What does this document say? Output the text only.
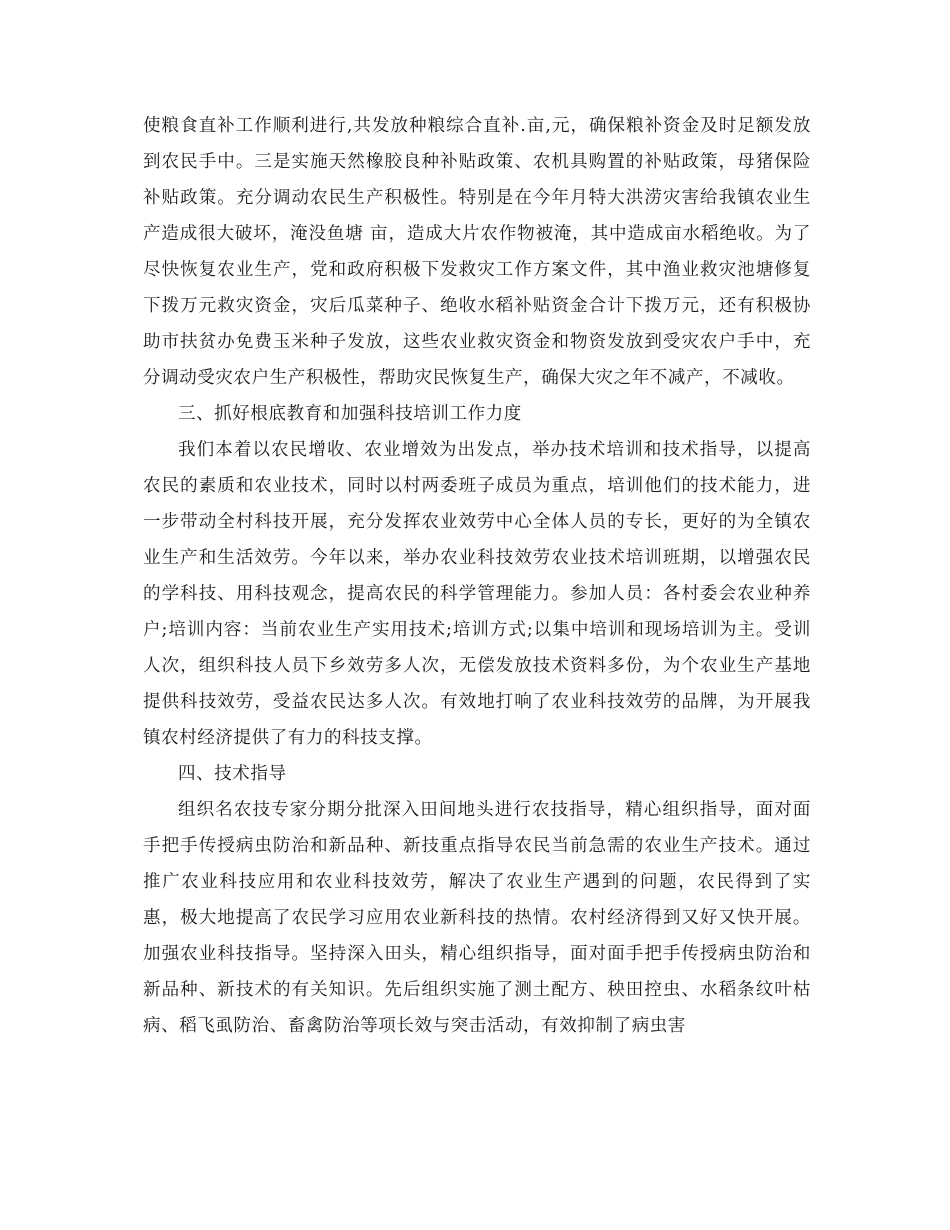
使粮食直补工作顺利进行,共发放种粮综合直补.亩,元，确保粮补资金及时足额发放到农民手中。三是实施天然橡胶良种补贴政策、农机具购置的补贴政策，母猪保险补贴政策。充分调动农民生产积极性。特别是在今年月特大洪涝灾害给我镇农业生产造成很大破坏，淹没鱼塘 亩，造成大片农作物被淹，其中造成亩水稻绝收。为了尽快恢复农业生产，党和政府积极下发救灾工作方案文件，其中渔业救灾池塘修复下拨万元救灾资金，灾后瓜菜种子、绝收水稻补贴资金合计下拨万元，还有积极协助市扶贫办免费玉米种子发放，这些农业救灾资金和物资发放到受灾农户手中，充分调动受灾农户生产积极性，帮助灾民恢复生产，确保大灾之年不减产，不减收。

三、抓好根底教育和加强科技培训工作力度

我们本着以农民增收、农业增效为出发点，举办技术培训和技术指导，以提高农民的素质和农业技术，同时以村两委班子成员为重点，培训他们的技术能力，进一步带动全村科技开展，充分发挥农业效劳中心全体人员的专长，更好的为全镇农业生产和生活效劳。今年以来，举办农业科技效劳农业技术培训班期，以增强农民的学科技、用科技观念，提高农民的科学管理能力。参加人员：各村委会农业种养户;培训内容：当前农业生产实用技术;培训方式;以集中培训和现场培训为主。受训人次，组织科技人员下乡效劳多人次，无偿发放技术资料多份，为个农业生产基地提供科技效劳，受益农民达多人次。有效地打响了农业科技效劳的品牌，为开展我镇农村经济提供了有力的科技支撑。

四、技术指导

组织名农技专家分期分批深入田间地头进行农技指导，精心组织指导，面对面手把手传授病虫防治和新品种、新技重点指导农民当前急需的农业生产技术。通过推广农业科技应用和农业科技效劳，解决了农业生产遇到的问题，农民得到了实惠，极大地提高了农民学习应用农业新科技的热情。农村经济得到又好又快开展。加强农业科技指导。坚持深入田头，精心组织指导，面对面手把手传授病虫防治和新品种、新技术的有关知识。先后组织实施了测土配方、秧田控虫、水稻条纹叶枯病、稻飞虱防治、畜禽防治等项长效与突击活动，有效抑制了病虫害
